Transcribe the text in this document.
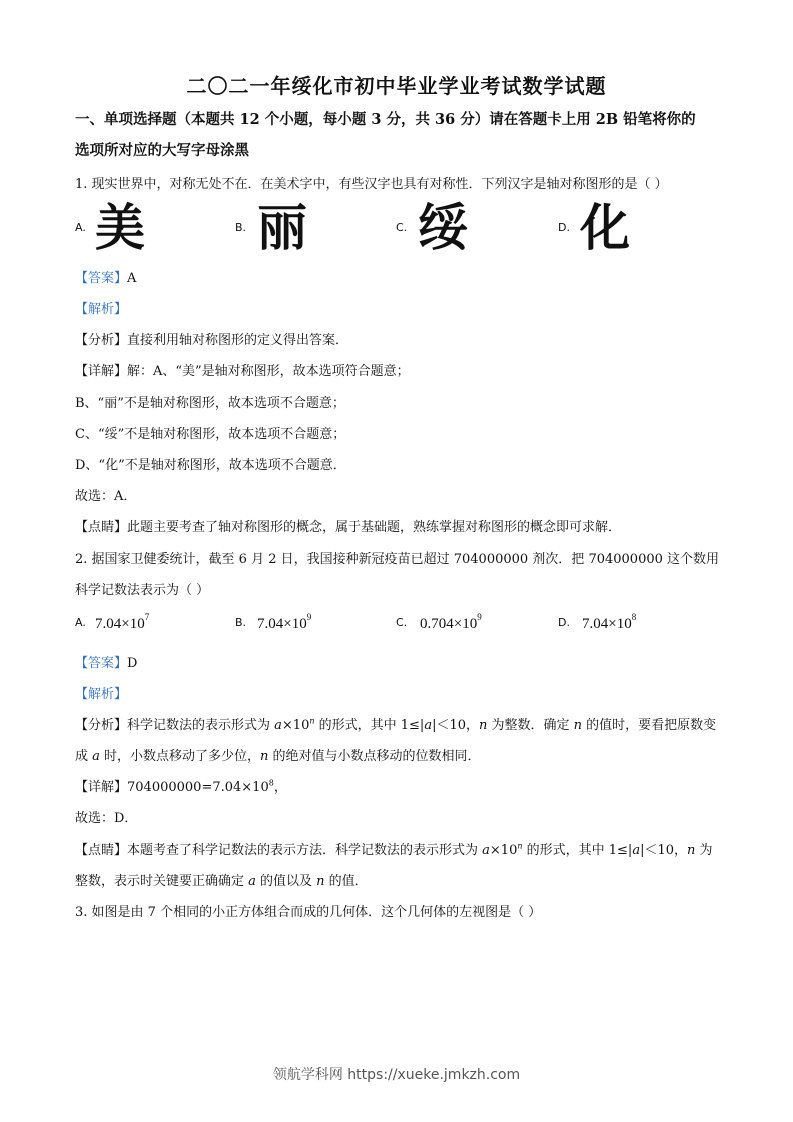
二〇二一年绥化市初中毕业学业考试数学试题
一、单项选择题（本题共 12 个小题，每小题 3 分，共 36 分）请在答题卡上用 2B 铅笔将你的
选项所对应的大写字母涂黑
1. 现实世界中，对称无处不在．在美术字中，有些汉字也具有对称性．下列汉字是轴对称图形的是（ ）
A. 美	B. 丽	C. 绥	D. 化
【答案】A
【解析】
【分析】直接利用轴对称图形的定义得出答案．
【详解】解：A、“美”是轴对称图形，故本选项符合题意；
B、“丽”不是轴对称图形，故本选项不合题意；
C、“绥”不是轴对称图形，故本选项不合题意；
D、“化”不是轴对称图形，故本选项不合题意．
故选：A．
【点睛】此题主要考查了轴对称图形的概念，属于基础题，熟练掌握对称图形的概念即可求解．
2. 据国家卫健委统计，截至 6 月 2 日，我国接种新冠疫苗已超过 704000000 剂次．把 704000000 这个数用
科学记数法表示为（ ）
A. $7.04\times 10^7$	B. $7.04\times 10^9$	C. $0.704\times 10^9$	D. $7.04\times 10^8$
【答案】D
【解析】
【分析】科学记数法的表示形式为 $a\times 10^n$ 的形式，其中 1≤|a|＜10，n 为整数．确定 n 的值时，要看把原数变
成 a 时，小数点移动了多少位，n 的绝对值与小数点移动的位数相同．
【详解】$704000000=7.04\times 10^8$，
故选：D．
【点睛】本题考查了科学记数法的表示方法．科学记数法的表示形式为 $a\times 10^n$ 的形式，其中 1≤|a|＜10，n 为
整数，表示时关键要正确确定 a 的值以及 n 的值．
3. 如图是由 7 个相同的小正方体组合而成的几何体．这个几何体的左视图是（ ）
领航学科网 https://xueke.jmkzh.com
